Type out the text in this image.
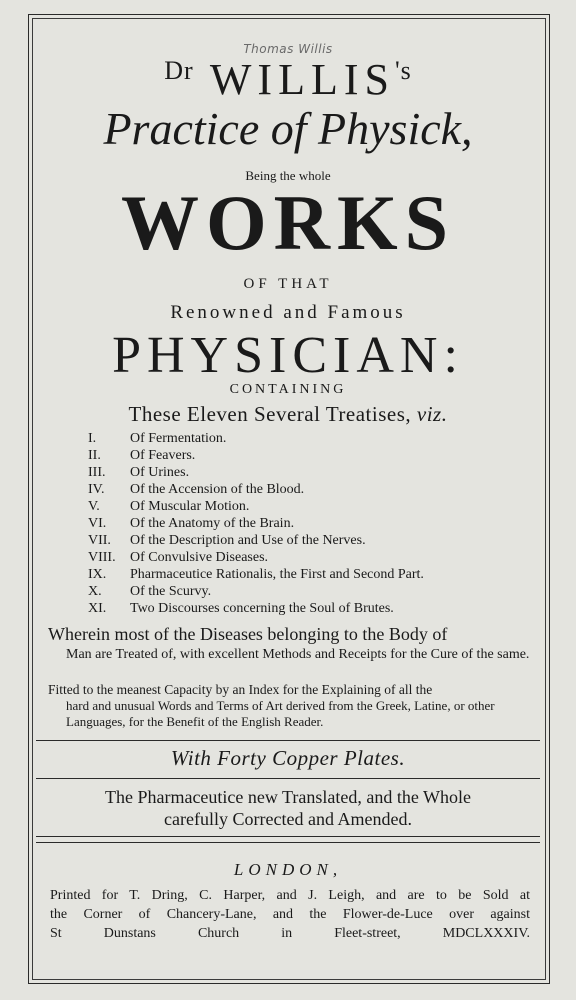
Thomas Willis
$^{Dr}$ $WILLIS^{'s}$
Practice of Physick,
Being the whole
WORKS
OF THAT
Renowned and Famous
PHYSICIAN:
CONTAINING
These Eleven Several Treatises, viz.
I.	Of Fermentation.
II.	Of Feavers.
III.	Of Urines.
IV.	Of the Accension of the Blood.
V.	Of Muscular Motion.
VI.	Of the Anatomy of the Brain.
VII.	Of the Description and Use of the Nerves.
VIII.	Of Convulsive Diseases.
IX.	Pharmaceutice Rationalis, the First and Second Part.
X.	Of the Scurvy.
XI.	Two Discourses concerning the Soul of Brutes.
Wherein most of the Diseases belonging to the Body of
Man are Treated of, with excellent Methods and Receipts for the Cure of the same.
Fitted to the meanest Capacity by an Index for the Explaining of all the
hard and unusual Words and Terms of Art derived from the Greek, Latine, or other Languages, for the Benefit of the English Reader.
With Forty Copper Plates.
The Pharmaceutice new Translated, and the Whole
carefully Corrected and Amended.
LONDON,
Printed for T. Dring, C. Harper, and J. Leigh, and are to be Sold at
the Corner of Chancery-Lane, and the Flower-de-Luce over against
St Dunstans Church in Fleet-street, MDCLXXXIV.
